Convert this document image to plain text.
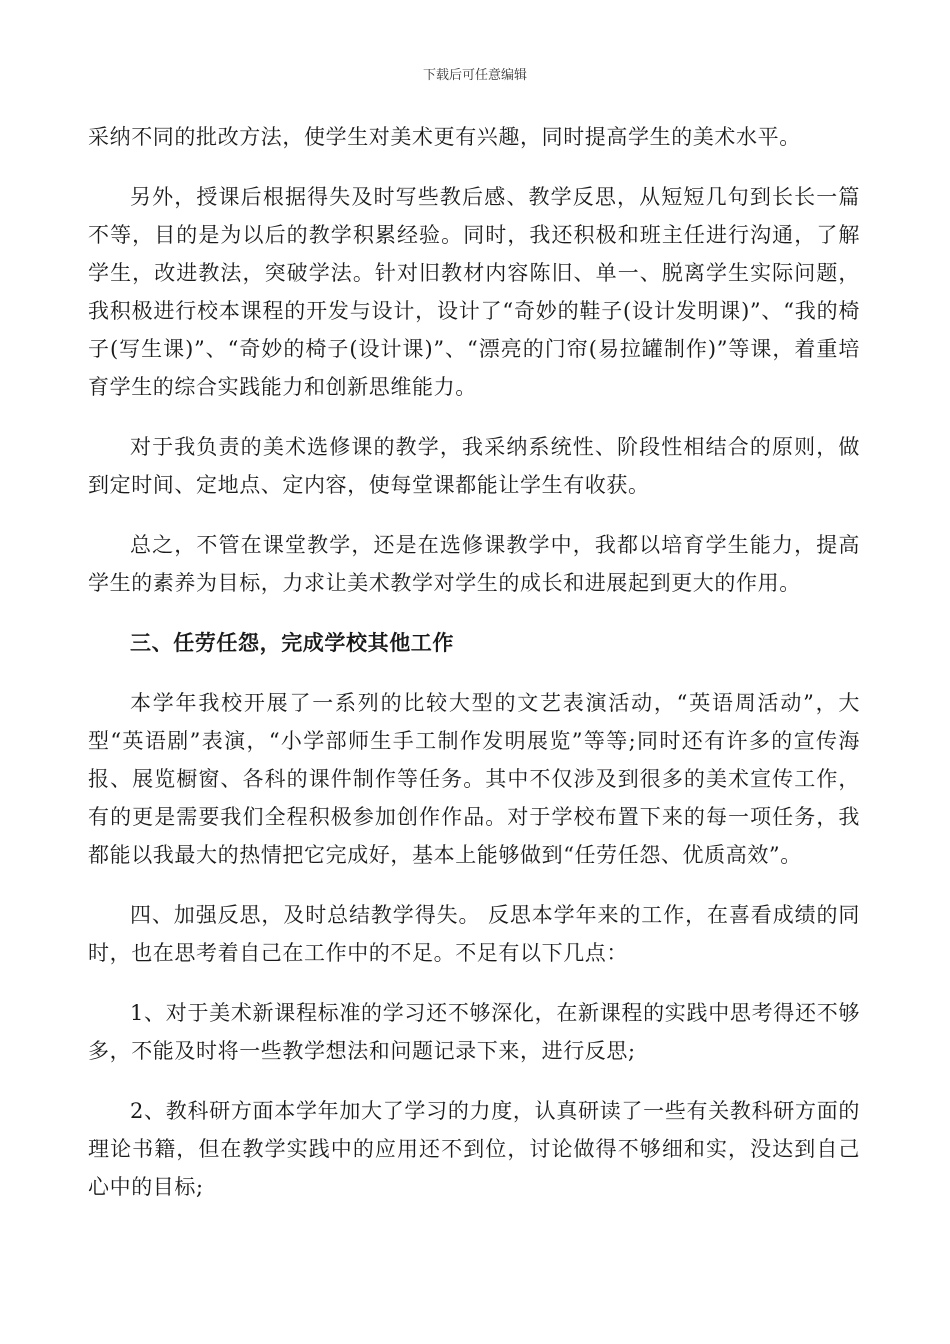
下载后可任意编辑

采纳不同的批改方法，使学生对美术更有兴趣，同时提高学生的美术水平。

另外，授课后根据得失及时写些教后感、教学反思，从短短几句到长长一篇不等，目的是为以后的教学积累经验。同时，我还积极和班主任进行沟通，了解学生，改进教法，突破学法。针对旧教材内容陈旧、单一、脱离学生实际问题，我积极进行校本课程的开发与设计，设计了“奇妙的鞋子(设计发明课)”、“我的椅子(写生课)”、“奇妙的椅子(设计课)”、“漂亮的门帘(易拉罐制作)”等课，着重培育学生的综合实践能力和创新思维能力。

对于我负责的美术选修课的教学，我采纳系统性、阶段性相结合的原则，做到定时间、定地点、定内容，使每堂课都能让学生有收获。

总之，不管在课堂教学，还是在选修课教学中，我都以培育学生能力，提高学生的素养为目标，力求让美术教学对学生的成长和进展起到更大的作用。

三、任劳任怨，完成学校其他工作

本学年我校开展了一系列的比较大型的文艺表演活动，“英语周活动”，大型“英语剧”表演，“小学部师生手工制作发明展览”等等;同时还有许多的宣传海报、展览橱窗、各科的课件制作等任务。其中不仅涉及到很多的美术宣传工作，有的更是需要我们全程积极参加创作作品。对于学校布置下来的每一项任务，我都能以我最大的热情把它完成好，基本上能够做到“任劳任怨、优质高效”。

四、加强反思，及时总结教学得失。 反思本学年来的工作，在喜看成绩的同时，也在思考着自己在工作中的不足。不足有以下几点：

1、对于美术新课程标准的学习还不够深化，在新课程的实践中思考得还不够多，不能及时将一些教学想法和问题记录下来，进行反思;

2、教科研方面本学年加大了学习的力度，认真研读了一些有关教科研方面的理论书籍，但在教学实践中的应用还不到位，讨论做得不够细和实，没达到自己心中的目标;
